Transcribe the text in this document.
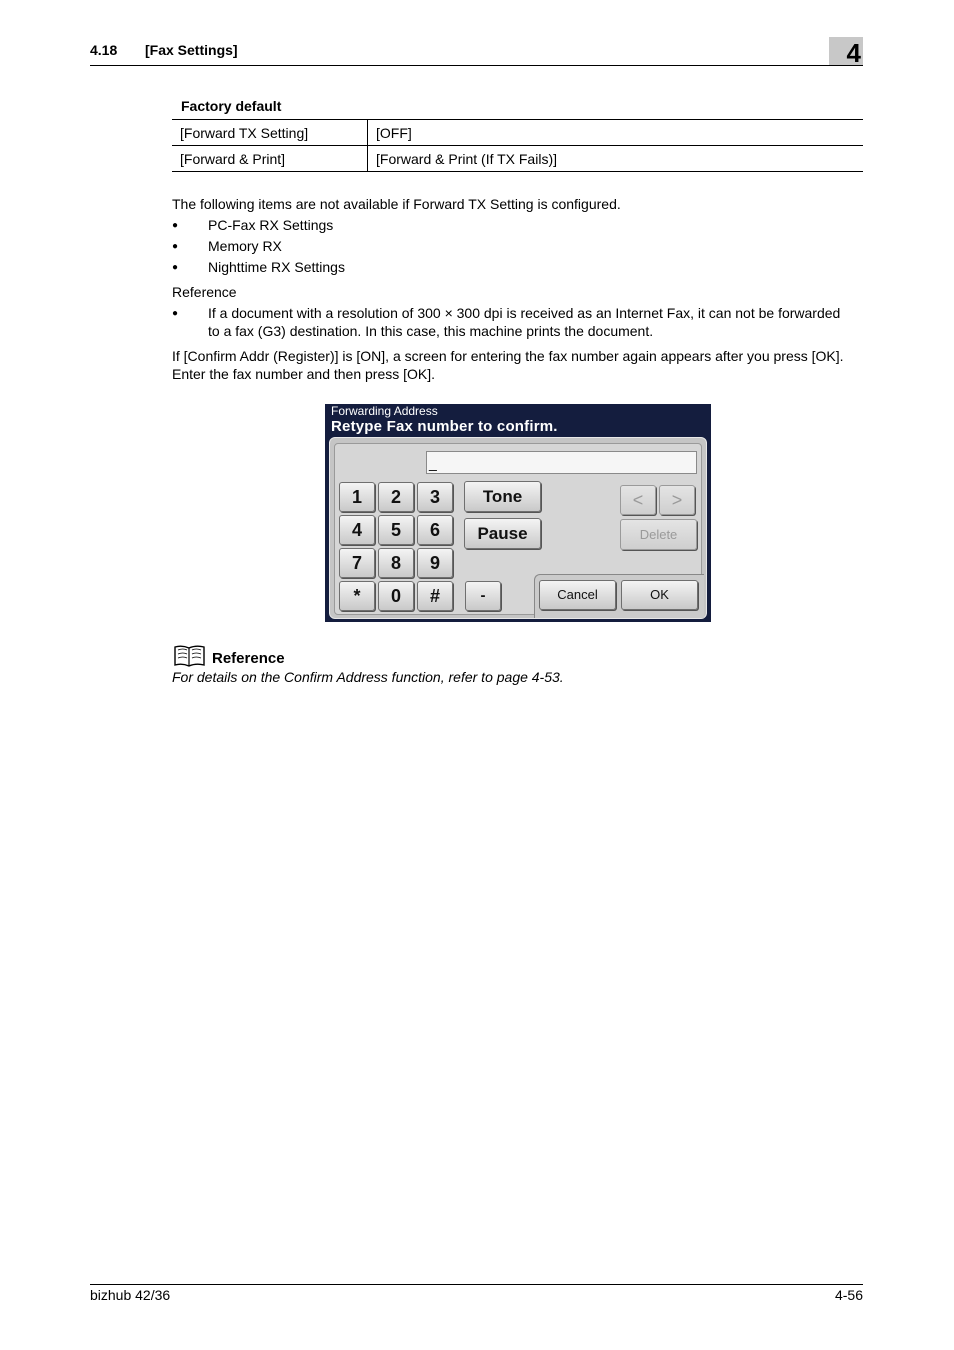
4.18 [Fax Settings]	4
Factory default
[Forward TX Setting]	[OFF]
[Forward & Print]	[Forward & Print (If TX Fails)]
The following items are not available if Forward TX Setting is configured.
● PC-Fax RX Settings
● Memory RX
● Nighttime RX Settings
Reference
● If a document with a resolution of 300 × 300 dpi is received as an Internet Fax, it can not be forwarded
to a fax (G3) destination. In this case, this machine prints the document.
If [Confirm Addr (Register)] is [ON], a screen for entering the fax number again appears after you press [OK].
Enter the fax number and then press [OK].
Forwarding Address
Retype Fax number to confirm.
_
1	2	3
4	5	6
7	8	9
*	0	#
Tone
Pause
-
<	>
Delete
Cancel	OK
Reference
For details on the Confirm Address function, refer to page 4-53.
bizhub 42/36	4-56
